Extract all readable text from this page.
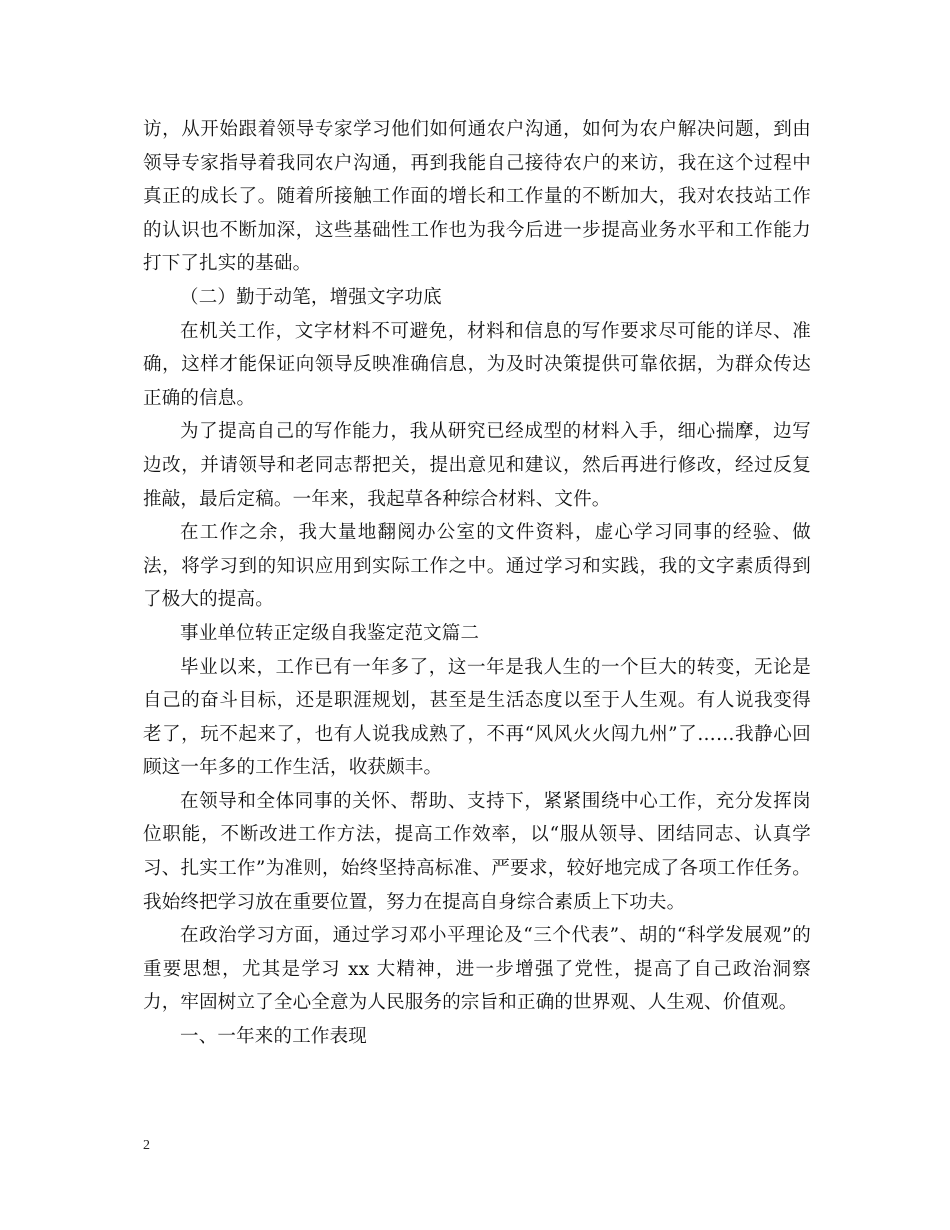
访，从开始跟着领导专家学习他们如何通农户沟通，如何为农户解决问题，到由领导专家指导着我同农户沟通，再到我能自己接待农户的来访，我在这个过程中真正的成长了。随着所接触工作面的增长和工作量的不断加大，我对农技站工作的认识也不断加深，这些基础性工作也为我今后进一步提高业务水平和工作能力打下了扎实的基础。

（二）勤于动笔，增强文字功底

在机关工作，文字材料不可避免，材料和信息的写作要求尽可能的详尽、准确，这样才能保证向领导反映准确信息，为及时决策提供可靠依据，为群众传达正确的信息。

为了提高自己的写作能力，我从研究已经成型的材料入手，细心揣摩，边写边改，并请领导和老同志帮把关，提出意见和建议，然后再进行修改，经过反复推敲，最后定稿。一年来，我起草各种综合材料、文件。

在工作之余，我大量地翻阅办公室的文件资料，虚心学习同事的经验、做法，将学习到的知识应用到实际工作之中。通过学习和实践，我的文字素质得到了极大的提高。

事业单位转正定级自我鉴定范文篇二

毕业以来，工作已有一年多了，这一年是我人生的一个巨大的转变，无论是自己的奋斗目标，还是职涯规划，甚至是生活态度以至于人生观。有人说我变得老了，玩不起来了，也有人说我成熟了，不再“风风火火闯九州”了……我静心回顾这一年多的工作生活，收获颇丰。

在领导和全体同事的关怀、帮助、支持下，紧紧围绕中心工作，充分发挥岗位职能，不断改进工作方法，提高工作效率，以“服从领导、团结同志、认真学习、扎实工作”为准则，始终坚持高标准、严要求，较好地完成了各项工作任务。我始终把学习放在重要位置，努力在提高自身综合素质上下功夫。

在政治学习方面，通过学习邓小平理论及“三个代表”、胡的“科学发展观”的重要思想，尤其是学习 xx 大精神，进一步增强了党性，提高了自己政治洞察力，牢固树立了全心全意为人民服务的宗旨和正确的世界观、人生观、价值观。

一、一年来的工作表现

2
